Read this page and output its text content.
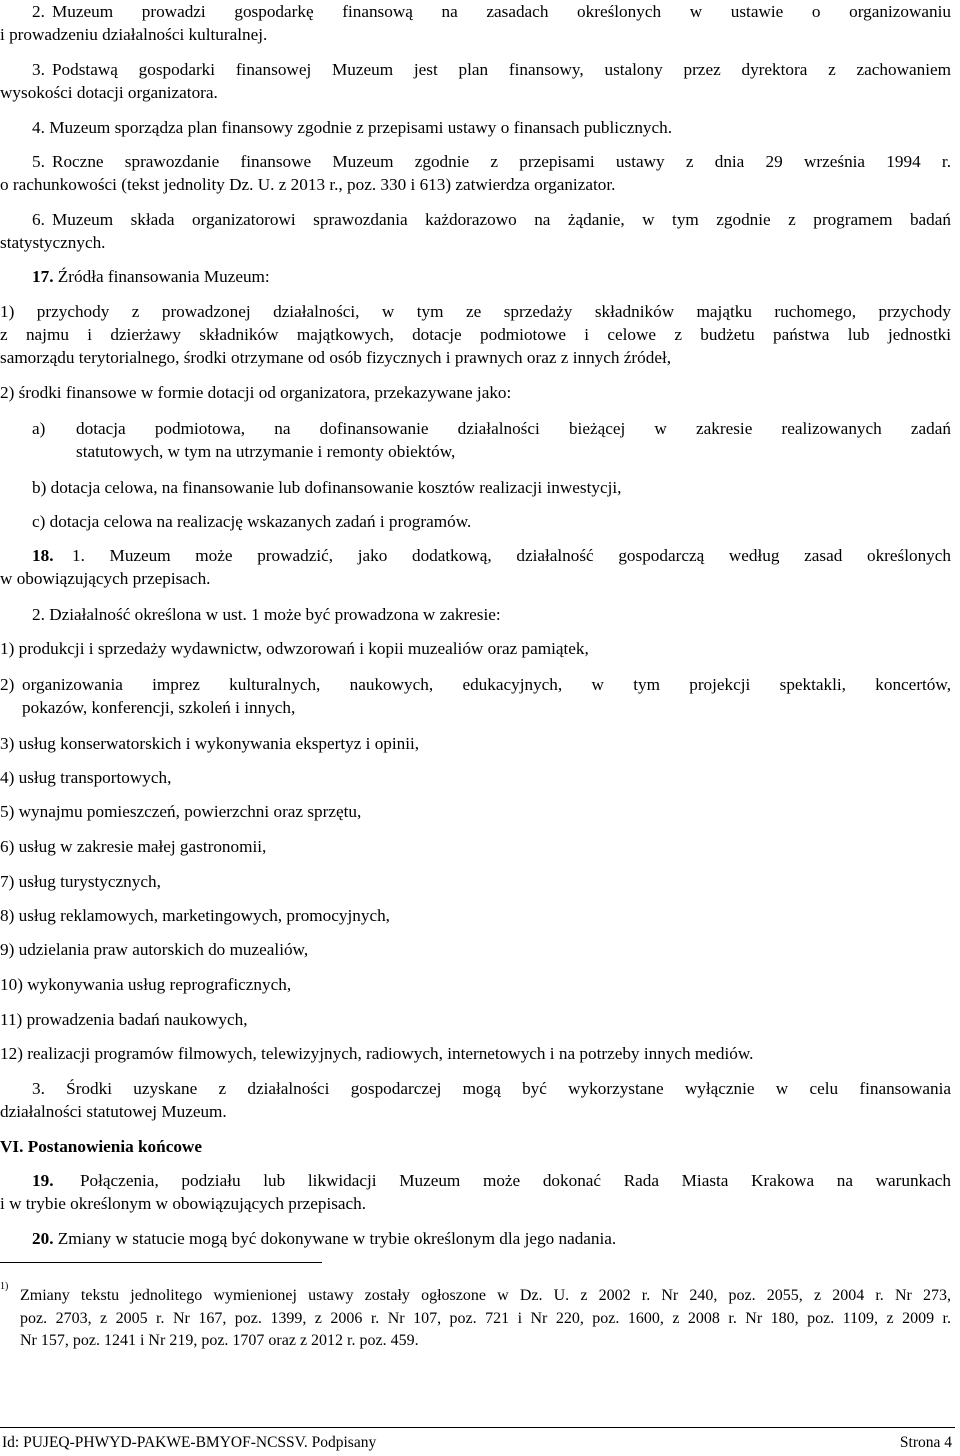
2. Muzeum prowadzi gospodarkę finansową na zasadach określonych w ustawie o organizowaniu
i prowadzeniu działalności kulturalnej.
3. Podstawą gospodarki finansowej Muzeum jest plan finansowy, ustalony przez dyrektora z zachowaniem
wysokości dotacji organizatora.
4. Muzeum sporządza plan finansowy zgodnie z przepisami ustawy o finansach publicznych.
5. Roczne sprawozdanie finansowe Muzeum zgodnie z przepisami ustawy z dnia 29 września 1994 r.
o rachunkowości (tekst jednolity Dz. U. z 2013 r., poz. 330 i 613) zatwierdza organizator.
6. Muzeum składa organizatorowi sprawozdania każdorazowo na żądanie, w tym zgodnie z programem badań
statystycznych.
17. Źródła finansowania Muzeum:
1) przychody z prowadzonej działalności, w tym ze sprzedaży składników majątku ruchomego, przychody
z najmu i dzierżawy składników majątkowych, dotacje podmiotowe i celowe z budżetu państwa lub jednostki
samorządu terytorialnego, środki otrzymane od osób fizycznych i prawnych oraz z innych źródeł,
2) środki finansowe w formie dotacji od organizatora, przekazywane jako:
a) dotacja podmiotowa, na dofinansowanie działalności bieżącej w zakresie realizowanych zadań
statutowych, w tym na utrzymanie i remonty obiektów,
b) dotacja celowa, na finansowanie lub dofinansowanie kosztów realizacji inwestycji,
c) dotacja celowa na realizację wskazanych zadań i programów.
18. 1. Muzeum może prowadzić, jako dodatkową, działalność gospodarczą według zasad określonych
w obowiązujących przepisach.
2. Działalność określona w ust. 1 może być prowadzona w zakresie:
1) produkcji i sprzedaży wydawnictw, odwzorowań i kopii muzealiów oraz pamiątek,
2) organizowania imprez kulturalnych, naukowych, edukacyjnych, w tym projekcji spektakli, koncertów,
pokazów, konferencji, szkoleń i innych,
3) usług konserwatorskich i wykonywania ekspertyz i opinii,
4) usług transportowych,
5) wynajmu pomieszczeń, powierzchni oraz sprzętu,
6) usług w zakresie małej gastronomii,
7) usług turystycznych,
8) usług reklamowych, marketingowych, promocyjnych,
9) udzielania praw autorskich do muzealiów,
10) wykonywania usług reprograficznych,
11) prowadzenia badań naukowych,
12) realizacji programów filmowych, telewizyjnych, radiowych, internetowych i na potrzeby innych mediów.
3. Środki uzyskane z działalności gospodarczej mogą być wykorzystane wyłącznie w celu finansowania
działalności statutowej Muzeum.
VI. Postanowienia końcowe
19. Połączenia, podziału lub likwidacji Muzeum może dokonać Rada Miasta Krakowa na warunkach
i w trybie określonym w obowiązujących przepisach.
20. Zmiany w statucie mogą być dokonywane w trybie określonym dla jego nadania.
1)
Zmiany tekstu jednolitego wymienionej ustawy zostały ogłoszone w Dz. U. z 2002 r. Nr 240, poz. 2055, z 2004 r. Nr 273,
poz. 2703, z 2005 r. Nr 167, poz. 1399, z 2006 r. Nr 107, poz. 721 i Nr 220, poz. 1600, z 2008 r. Nr 180, poz. 1109, z 2009 r.
Nr 157, poz. 1241 i Nr 219, poz. 1707 oraz z 2012 r. poz. 459.
Id: PUJEQ-PHWYD-PAKWE-BMYOF-NCSSV. Podpisany	Strona 4
